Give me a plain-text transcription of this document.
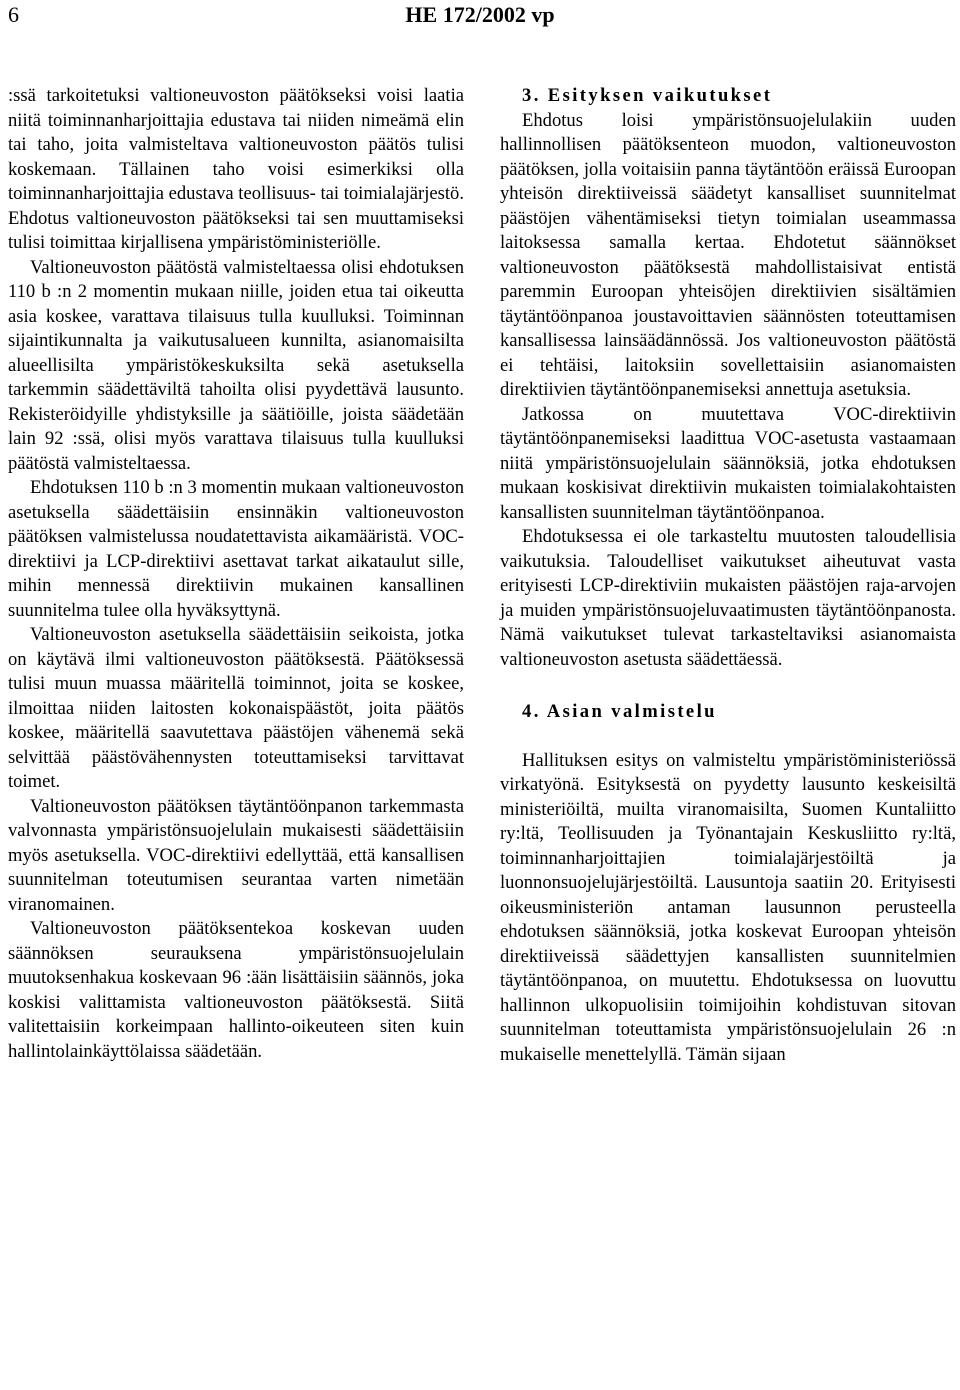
6	HE 172/2002 vp

:ssä tarkoitetuksi valtioneuvoston päätökseksi voisi laatia niitä toiminnanharjoittajia edustava tai niiden nimeämä elin tai taho, joita valmisteltava valtioneuvoston päätös tulisi koskemaan. Tällainen taho voisi esimerkiksi olla toiminnanharjoittajia edustava teollisuus- tai toimialajärjestö. Ehdotus valtioneuvoston päätökseksi tai sen muuttamiseksi tulisi toimittaa kirjallisena ympäristöministeriölle.

Valtioneuvoston päätöstä valmisteltaessa olisi ehdotuksen 110 b :n 2 momentin mukaan niille, joiden etua tai oikeutta asia koskee, varattava tilaisuus tulla kuulluksi. Toiminnan sijaintikunnalta ja vaikutusalueen kunnilta, asianomaisilta alueellisilta ympäristökeskuksilta sekä asetuksella tarkemmin säädettäviltä tahoilta olisi pyydettävä lausunto. Rekisteröidyille yhdistyksille ja säätiöille, joista säädetään lain 92 :ssä, olisi myös varattava tilaisuus tulla kuulluksi päätöstä valmisteltaessa.

Ehdotuksen 110 b :n 3 momentin mukaan valtioneuvoston asetuksella säädettäisiin ensinnäkin valtioneuvoston päätöksen valmistelussa noudatettavista aikamääristä. VOC-direktiivi ja LCP-direktiivi asettavat tarkat aikataulut sille, mihin mennessä direktiivin mukainen kansallinen suunnitelma tulee olla hyväksyttynä.

Valtioneuvoston asetuksella säädettäisiin seikoista, jotka on käytävä ilmi valtioneuvoston päätöksestä. Päätöksessä tulisi muun muassa määritellä toiminnot, joita se koskee, ilmoittaa niiden laitosten kokonaispäästöt, joita päätös koskee, määritellä saavutettava päästöjen vähenemä sekä selvittää päästövähennysten toteuttamiseksi tarvittavat toimet.

Valtioneuvoston päätöksen täytäntöönpanon tarkemmasta valvonnasta ympäristönsuojelulain mukaisesti säädettäisiin myös asetuksella. VOC-direktiivi edellyttää, että kansallisen suunnitelman toteutumisen seurantaa varten nimetään viranomainen.

Valtioneuvoston päätöksentekoa koskevan uuden säännöksen seurauksena ympäristönsuojelulain muutoksenhakua koskevaan 96 :ään lisättäisiin säännös, joka koskisi valittamista valtioneuvoston päätöksestä. Siitä valitettaisiin korkeimpaan hallinto-oikeuteen siten kuin hallintolainkäyttölaissa säädetään.

3. Esityksen vaikutukset

Ehdotus loisi ympäristönsuojelulakiin uuden hallinnollisen päätöksenteon muodon, valtioneuvoston päätöksen, jolla voitaisiin panna täytäntöön eräissä Euroopan yhteisön direktiiveissä säädetyt kansalliset suunnitelmat päästöjen vähentämiseksi tietyn toimialan useammassa laitoksessa samalla kertaa. Ehdotetut säännökset valtioneuvoston päätöksestä mahdollistaisivat entistä paremmin Euroopan yhteisöjen direktiivien sisältämien täytäntöönpanoa joustavoittavien säännösten toteuttamisen kansallisessa lainsäädännössä. Jos valtioneuvoston päätöstä ei tehtäisi, laitoksiin sovellettaisiin asianomaisten direktiivien täytäntöönpanemiseksi annettuja asetuksia.

Jatkossa on muutettava VOC-direktiivin täytäntöönpanemiseksi laadittua VOC-asetusta vastaamaan niitä ympäristönsuojelulain säännöksiä, jotka ehdotuksen mukaan koskisivat direktiivin mukaisten toimialakohtaisten kansallisten suunnitelman täytäntöönpanoa.

Ehdotuksessa ei ole tarkasteltu muutosten taloudellisia vaikutuksia. Taloudelliset vaikutukset aiheutuvat vasta erityisesti LCP-direktiviin mukaisten päästöjen raja-arvojen ja muiden ympäristönsuojeluvaatimusten täytäntöönpanosta. Nämä vaikutukset tulevat tarkasteltaviksi asianomaista valtioneuvoston asetusta säädettäessä.

4. Asian valmistelu

Hallituksen esitys on valmisteltu ympäristöministeriössä virkatyönä. Esityksestä on pyydetty lausunto keskeisiltä ministeriöiltä, muilta viranomaisilta, Suomen Kuntaliitto ry:ltä, Teollisuuden ja Työnantajain Keskusliitto ry:ltä, toiminnanharjoittajien toimialajärjestöiltä ja luonnonsuojelujärjestöiltä. Lausuntoja saatiin 20. Erityisesti oikeusministeriön antaman lausunnon perusteella ehdotuksen säännöksiä, jotka koskevat Euroopan yhteisön direktiiveissä säädettyjen kansallisten suunnitelmien täytäntöönpanoa, on muutettu. Ehdotuksessa on luovuttu hallinnon ulkopuolisiin toimijoihin kohdistuvan sitovan suunnitelman toteuttamista ympäristönsuojelulain 26 :n mukaiselle menettelyllä. Tämän sijaan
